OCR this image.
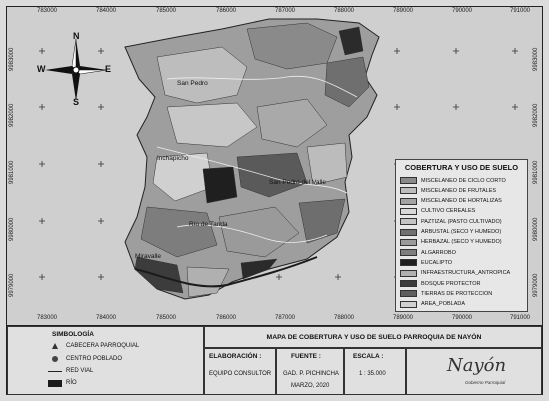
783000	784000	785000	786000	787000	788000	789000	790000	791000
783000	784000	785000	786000	787000	788000	789000	790000	791000
9983000
9982000
9981000
9980000
9979000
9983000
9982000
9981000
9980000
9979000
N
S
E
W
Inchapicho
San Pedro
San Pedro del Valle
Río de Tanda
Miravalle
COBERTURA Y USO DE SUELO
MISCELANEO DE CICLO CORTO
MISCELANEO DE FRUTALES
MISCELANEO DE HORTALIZAS
CULTIVO CEREALES
PAZTIZAL (PASTO CULTIVADO)
ARBUSTAL (SECO Y HUMEDO)
HERBAZAL (SECO Y HUMEDO)
ALGARROBO
EUCALIPTO
INFRAESTRUCTURA_ANTROPICA
BOSQUE PROTECTOR
TIERRAS DE PROTECCION
AREA_POBLADA
SIMBOLOGÍA
CABECERA PARROQUIAL
CENTRO POBLADO
RED VIAL
RÍO
MAPA DE COBERTURA Y USO DE SUELO PARROQUIA DE NAYÓN
ELABORACIÓN :
EQUIPO CONSULTOR
FUENTE :
GAD. P. PICHINCHA
MARZO, 2020
ESCALA :
1 : 35.000	Nayón
Gobierno Parroquial
